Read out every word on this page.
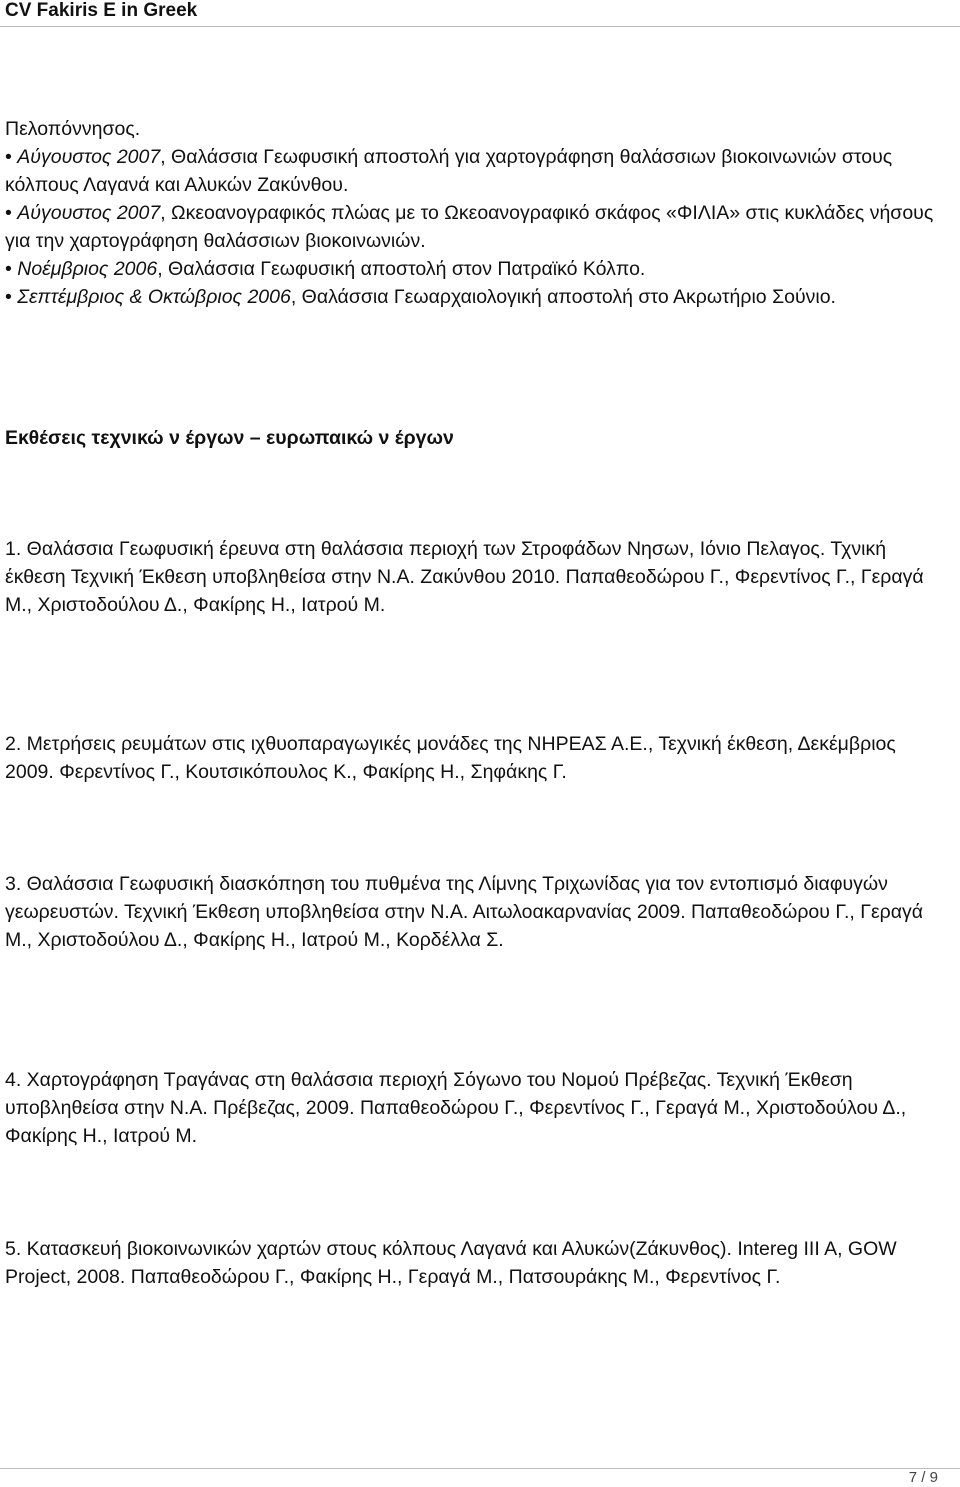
CV Fakiris E in Greek
Πελοπόννησος.
• Αύγουστος 2007, Θαλάσσια Γεωφυσική αποστολή για χαρτογράφηση θαλάσσιων βιοκοινωνιών στους κόλπους Λαγανά και Αλυκών Ζακύνθου.
• Αύγουστος 2007, Ωκεοανογραφικός πλώας με το Ωκεοανογραφικό σκάφος «ΦΙΛΙΑ» στις κυκλάδες νήσους για την χαρτογράφηση θαλάσσιων βιοκοινωνιών.
• Νοέμβριος 2006, Θαλάσσια Γεωφυσική αποστολή στον Πατραϊκό Κόλπο.
• Σεπτέμβριος & Οκτώβριος 2006, Θαλάσσια Γεωαρχαιολογική αποστολή στο Ακρωτήριο Σούνιο.
Εκθέσεις τεχνικώ ν έργων – ευρωπαικώ ν έργων

1. Θαλάσσια Γεωφυσική έρευνα στη θαλάσσια περιοχή των Στροφάδων Νησων, Ιόνιο Πελαγος. Τχνική έκθεση Τεχνική Έκθεση υποβληθείσα στην Ν.Α. Ζακύνθου 2010. Παπαθεοδώρου Γ., Φερεντίνος Γ., Γεραγά Μ., Χριστοδούλου Δ., Φακίρης Η., Ιατρού Μ.

2. Μετρήσεις ρευμάτων στις ιχθυοπαραγωγικές μονάδες της ΝΗΡΕΑΣ Α.Ε., Τεχνική έκθεση, Δεκέμβριος 2009. Φερεντίνος Γ., Κουτσικόπουλος Κ., Φακίρης Η., Σηφάκης Γ.

3. Θαλάσσια Γεωφυσική διασκόπηση του πυθμένα της Λίμνης Τριχωνίδας για τον εντοπισμό διαφυγών γεωρευστών. Τεχνική Έκθεση υποβληθείσα στην Ν.Α. Αιτωλοακαρνανίας 2009. Παπαθεοδώρου Γ., Γεραγά Μ., Χριστοδούλου Δ., Φακίρης Η., Ιατρού Μ., Κορδέλλα Σ.

4. Χαρτογράφηση Τραγάνας στη θαλάσσια περιοχή Σόγωνο του Νομού Πρέβεζας. Τεχνική Έκθεση υποβληθείσα στην Ν.Α. Πρέβεζας, 2009. Παπαθεοδώρου Γ., Φερεντίνος Γ., Γεραγά Μ., Χριστοδούλου Δ., Φακίρης Η., Ιατρού Μ.

5. Κατασκευή βιοκοινωνικών χαρτών στους κόλπους Λαγανά και Αλυκών(Ζάκυνθος). Intereg III A, GOW Project, 2008. Παπαθεοδώρου Γ., Φακίρης Η., Γεραγά Μ., Πατσουράκης Μ., Φερεντίνος Γ.

7 / 9
